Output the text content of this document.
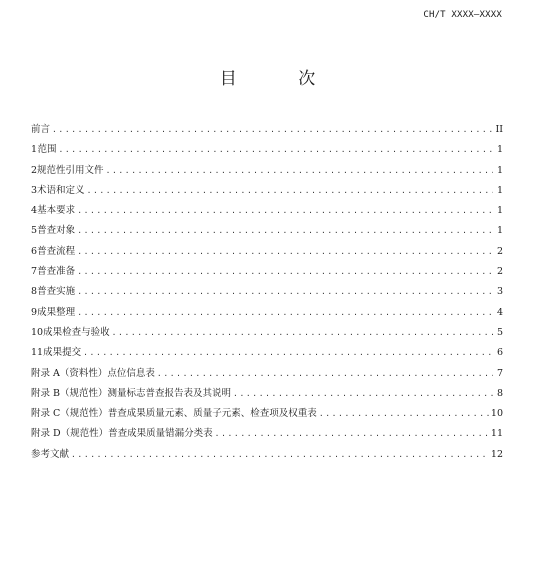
CH/T XXXX—XXXX
目 次
前言 .....	II
1 范围 .....	1
2 规范性引用文件 .....	1
3 术语和定义 .....	1
4 基本要求 .....	1
5 普查对象 .....	1
6 普查流程 .....	2
7 普查准备 .....	2
8 普查实施 .....	3
9 成果整理 .....	4
10 成果检查与验收 .....	5
11 成果提交 .....	6
附录 A（资料性） 点位信息表 .....	7
附录 B（规范性） 测量标志普查报告表及其说明 .....	8
附录 C（规范性） 普查成果质量元素、质量子元素、检查项及权重表 .....	10
附录 D（规范性） 普查成果质量错漏分类表 .....	11
参考文献 .....	12
